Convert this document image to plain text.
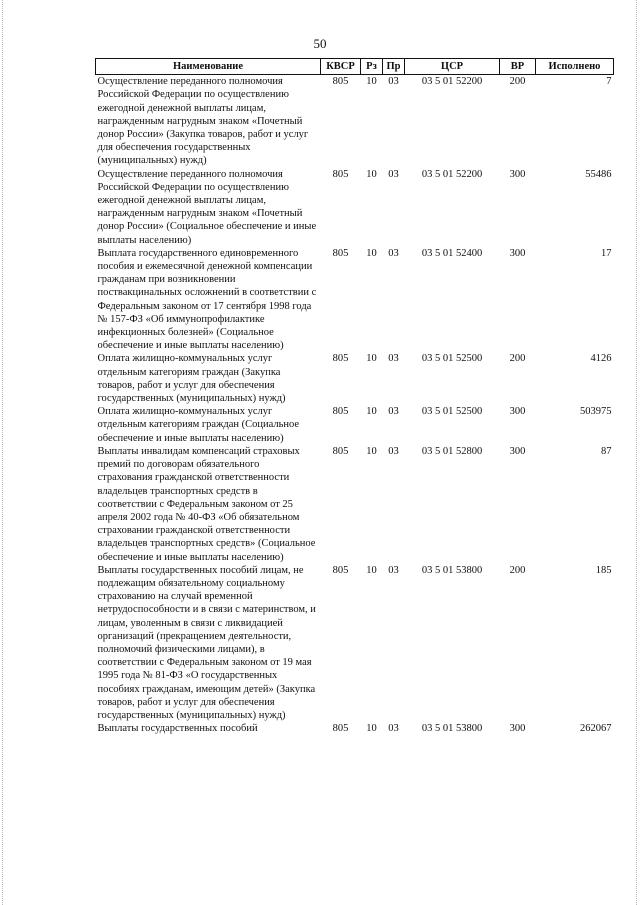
50
Наименование	КВСР	Рз	Пр	ЦСР	ВР	Исполнено
Осуществление переданного полномочия Российской Федерации по осуществлению ежегодной денежной выплаты лицам, награжденным нагрудным знаком «Почетный донор России» (Закупка товаров, работ и услуг для обеспечения государственных (муниципальных) нужд)	805	10	03	03 5 01 52200	200	7
Осуществление переданного полномочия Российской Федерации по осуществлению ежегодной денежной выплаты лицам, награжденным нагрудным знаком «Почетный донор России» (Социальное обеспечение и иные выплаты населению)	805	10	03	03 5 01 52200	300	55486
Выплата государственного единовременного пособия и ежемесячной денежной компенсации гражданам при возникновении поствакцинальных осложнений в соответствии с Федеральным законом от 17 сентября 1998 года № 157-ФЗ «Об иммунопрофилактике инфекционных болезней» (Социальное обеспечение и иные выплаты населению)	805	10	03	03 5 01 52400	300	17
Оплата жилищно-коммунальных услуг отдельным категориям граждан (Закупка товаров, работ и услуг для обеспечения государственных (муниципальных) нужд)	805	10	03	03 5 01 52500	200	4126
Оплата жилищно-коммунальных услуг отдельным категориям граждан (Социальное обеспечение и иные выплаты населению)	805	10	03	03 5 01 52500	300	503975
Выплаты инвалидам компенсаций страховых премий по договорам обязательного страхования гражданской ответственности владельцев транспортных средств в соответствии с Федеральным законом от 25 апреля 2002 года № 40-ФЗ «Об обязательном страховании гражданской ответственности владельцев транспортных средств» (Социальное обеспечение и иные выплаты населению)	805	10	03	03 5 01 52800	300	87
Выплаты государственных пособий лицам, не подлежащим обязательному социальному страхованию на случай временной нетрудоспособности и в связи с материнством, и лицам, уволенным в связи с ликвидацией организаций (прекращением деятельности, полномочий физическими лицами), в соответствии с Федеральным законом от 19 мая 1995 года № 81-ФЗ «О государственных пособиях гражданам, имеющим детей» (Закупка товаров, работ и услуг для обеспечения государственных (муниципальных) нужд)	805	10	03	03 5 01 53800	200	185
Выплаты государственных пособий	805	10	03	03 5 01 53800	300	262067
